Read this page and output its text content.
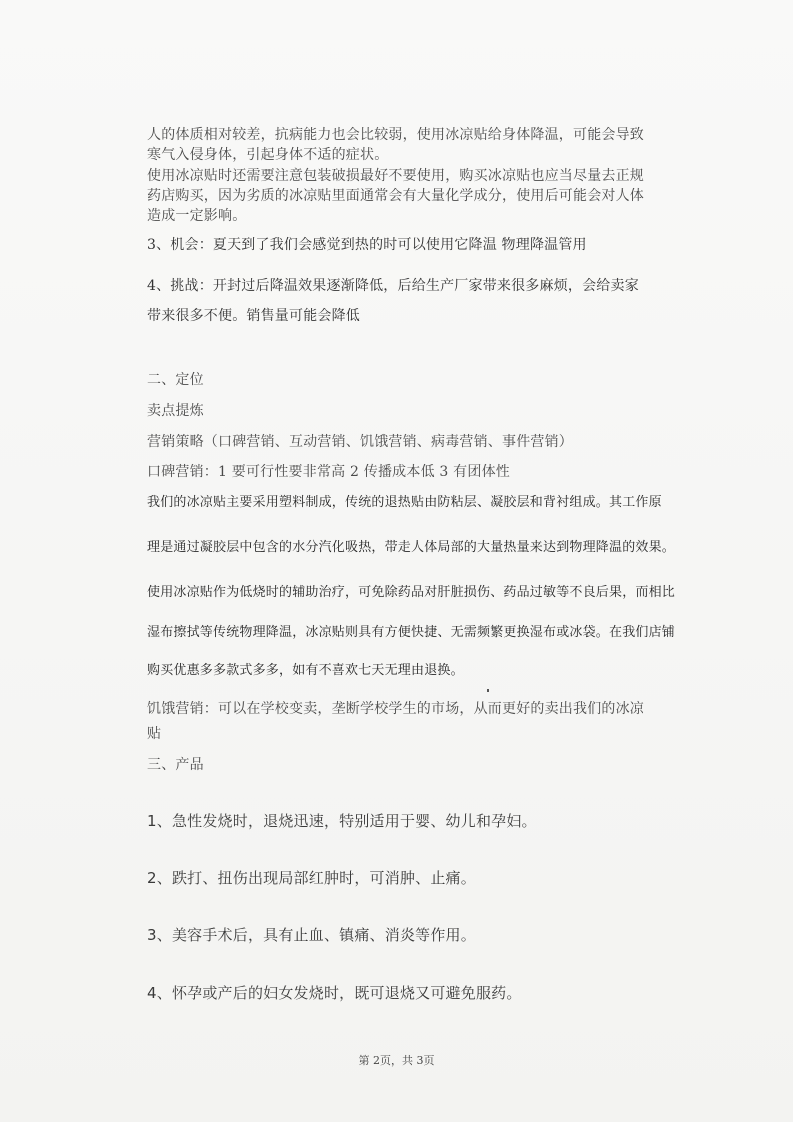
人的体质相对较差，抗病能力也会比较弱，使用冰凉贴给身体降温，可能会导致
寒气入侵身体，引起身体不适的症状。
使用冰凉贴时还需要注意包装破损最好不要使用，购买冰凉贴也应当尽量去正规
药店购买，因为劣质的冰凉贴里面通常会有大量化学成分，使用后可能会对人体
造成一定影响。
3、机会：夏天到了我们会感觉到热的时可以使用它降温 物理降温管用
4、挑战：开封过后降温效果逐渐降低，后给生产厂家带来很多麻烦，会给卖家
带来很多不便。销售量可能会降低
二、定位
卖点提炼
营销策略（口碑营销、互动营销、饥饿营销、病毒营销、事件营销）
口碑营销：1 要可行性要非常高 2 传播成本低 3 有团体性
我们的冰凉贴主要采用塑料制成，传统的退热贴由防粘层、凝胶层和背衬组成。其工作原
理是通过凝胶层中包含的水分汽化吸热，带走人体局部的大量热量来达到物理降温的效果。
使用冰凉贴作为低烧时的辅助治疗，可免除药品对肝脏损伤、药品过敏等不良后果，而相比
湿布擦拭等传统物理降温，冰凉贴则具有方便快捷、无需频繁更换湿布或冰袋。在我们店铺
购买优惠多多款式多多，如有不喜欢七天无理由退换。
饥饿营销：可以在学校变卖，垄断学校学生的市场，从而更好的卖出我们的冰凉
贴
三、产品
1、急性发烧时，退烧迅速，特别适用于婴、幼儿和孕妇。
2、跌打、扭伤出现局部红肿时，可消肿、止痛。
3、美容手术后，具有止血、镇痛、消炎等作用。
4、怀孕或产后的妇女发烧时，既可退烧又可避免服药。
第 2页，共 3页
